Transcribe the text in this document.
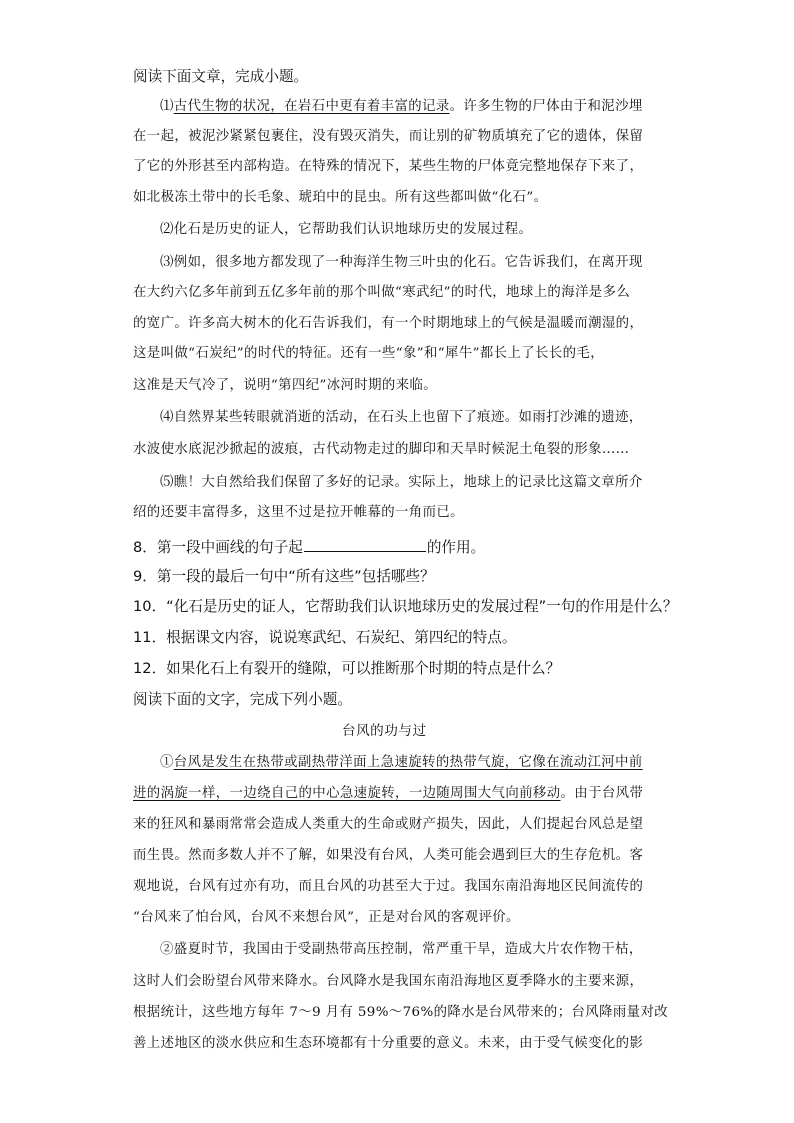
阅读下面文章，完成小题。
⑴古代生物的状况，在岩石中更有着丰富的记录。许多生物的尸体由于和泥沙埋
在一起，被泥沙紧紧包裹住，没有毁灭消失，而让别的矿物质填充了它的遗体，保留
了它的外形甚至内部构造。在特殊的情况下，某些生物的尸体竟完整地保存下来了，
如北极冻土带中的长毛象、琥珀中的昆虫。所有这些都叫做“化石”。
⑵化石是历史的证人，它帮助我们认识地球历史的发展过程。
⑶例如，很多地方都发现了一种海洋生物三叶虫的化石。它告诉我们，在离开现
在大约六亿多年前到五亿多年前的那个叫做“寒武纪”的时代，地球上的海洋是多么
的宽广。许多高大树木的化石告诉我们，有一个时期地球上的气候是温暖而潮湿的，
这是叫做“石炭纪”的时代的特征。还有一些“象”和“犀牛”都长上了长长的毛，
这准是天气冷了，说明“第四纪”冰河时期的来临。
⑷自然界某些转眼就消逝的活动，在石头上也留下了痕迹。如雨打沙滩的遗迹，
水波使水底泥沙掀起的波痕，古代动物走过的脚印和天旱时候泥土龟裂的形象……
⑸瞧！大自然给我们保留了多好的记录。实际上，地球上的记录比这篇文章所介
绍的还要丰富得多，这里不过是拉开帷幕的一角而已。
8．第一段中画线的句子起	的作用。
9．第一段的最后一句中“所有这些”包括哪些？
10．“化石是历史的证人，它帮助我们认识地球历史的发展过程”一句的作用是什么？
11．根据课文内容，说说寒武纪、石炭纪、第四纪的特点。
12．如果化石上有裂开的缝隙，可以推断那个时期的特点是什么？
阅读下面的文字，完成下列小题。
台风的功与过
①台风是发生在热带或副热带洋面上急速旋转的热带气旋，它像在流动江河中前
进的涡旋一样，一边绕自己的中心急速旋转，一边随周围大气向前移动。由于台风带
来的狂风和暴雨常常会造成人类重大的生命或财产损失，因此，人们提起台风总是望
而生畏。然而多数人并不了解，如果没有台风，人类可能会遇到巨大的生存危机。客
观地说，台风有过亦有功，而且台风的功甚至大于过。我国东南沿海地区民间流传的
“台风来了怕台风，台风不来想台风”，正是对台风的客观评价。
②盛夏时节，我国由于受副热带高压控制，常严重干旱，造成大片农作物干枯，
这时人们会盼望台风带来降水。台风降水是我国东南沿海地区夏季降水的主要来源，
根据统计，这些地方每年 7～9 月有 59%～76%的降水是台风带来的；台风降雨量对改
善上述地区的淡水供应和生态环境都有十分重要的意义。未来，由于受气候变化的影
